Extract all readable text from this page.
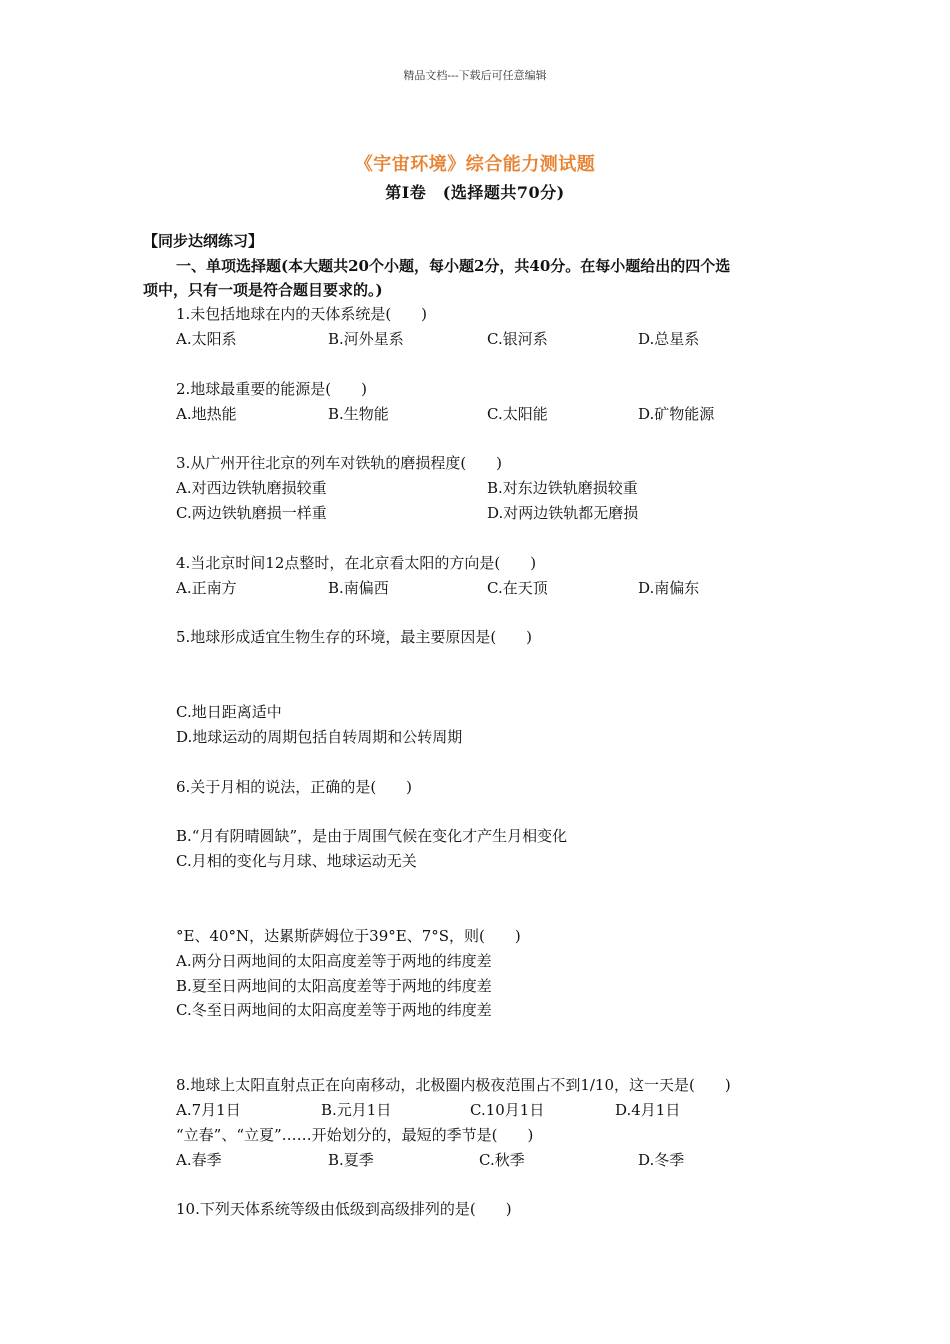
精品文档---下载后可任意编辑
《宇宙环境》综合能力测试题
第Ⅰ卷　(选择题共70分)
【同步达纲练习】
一、单项选择题(本大题共20个小题，每小题2分，共40分。在每小题给出的四个选
项中，只有一项是符合题目要求的。)
1.未包括地球在内的天体系统是(　　)
A.太阳系	B.河外星系	C.银河系	D.总星系
2.地球最重要的能源是(　　)
A.地热能	B.生物能	C.太阳能	D.矿物能源
3.从广州开往北京的列车对铁轨的磨损程度(　　)
A.对西边铁轨磨损较重	B.对东边铁轨磨损较重
C.两边铁轨磨损一样重	D.对两边铁轨都无磨损
4.当北京时间12点整时，在北京看太阳的方向是(　　)
A.正南方	B.南偏西	C.在天顶	D.南偏东
5.地球形成适宜生物生存的环境，最主要原因是(　　)
C.地日距离适中
D.地球运动的周期包括自转周期和公转周期
6.关于月相的说法，正确的是(　　)
B.“月有阴晴圆缺”，是由于周围气候在变化才产生月相变化
C.月相的变化与月球、地球运动无关
°E、40°N，达累斯萨姆位于39°E、7°S，则(　　)
A.两分日两地间的太阳高度差等于两地的纬度差
B.夏至日两地间的太阳高度差等于两地的纬度差
C.冬至日两地间的太阳高度差等于两地的纬度差
8.地球上太阳直射点正在向南移动，北极圈内极夜范围占不到1/10，这一天是(　　)
A.7月1日	B.元月1日	C.10月1日	D.4月1日
“立春”、“立夏”……开始划分的，最短的季节是(　　)
A.春季	B.夏季	C.秋季	D.冬季
10.下列天体系统等级由低级到高级排列的是(　　)
